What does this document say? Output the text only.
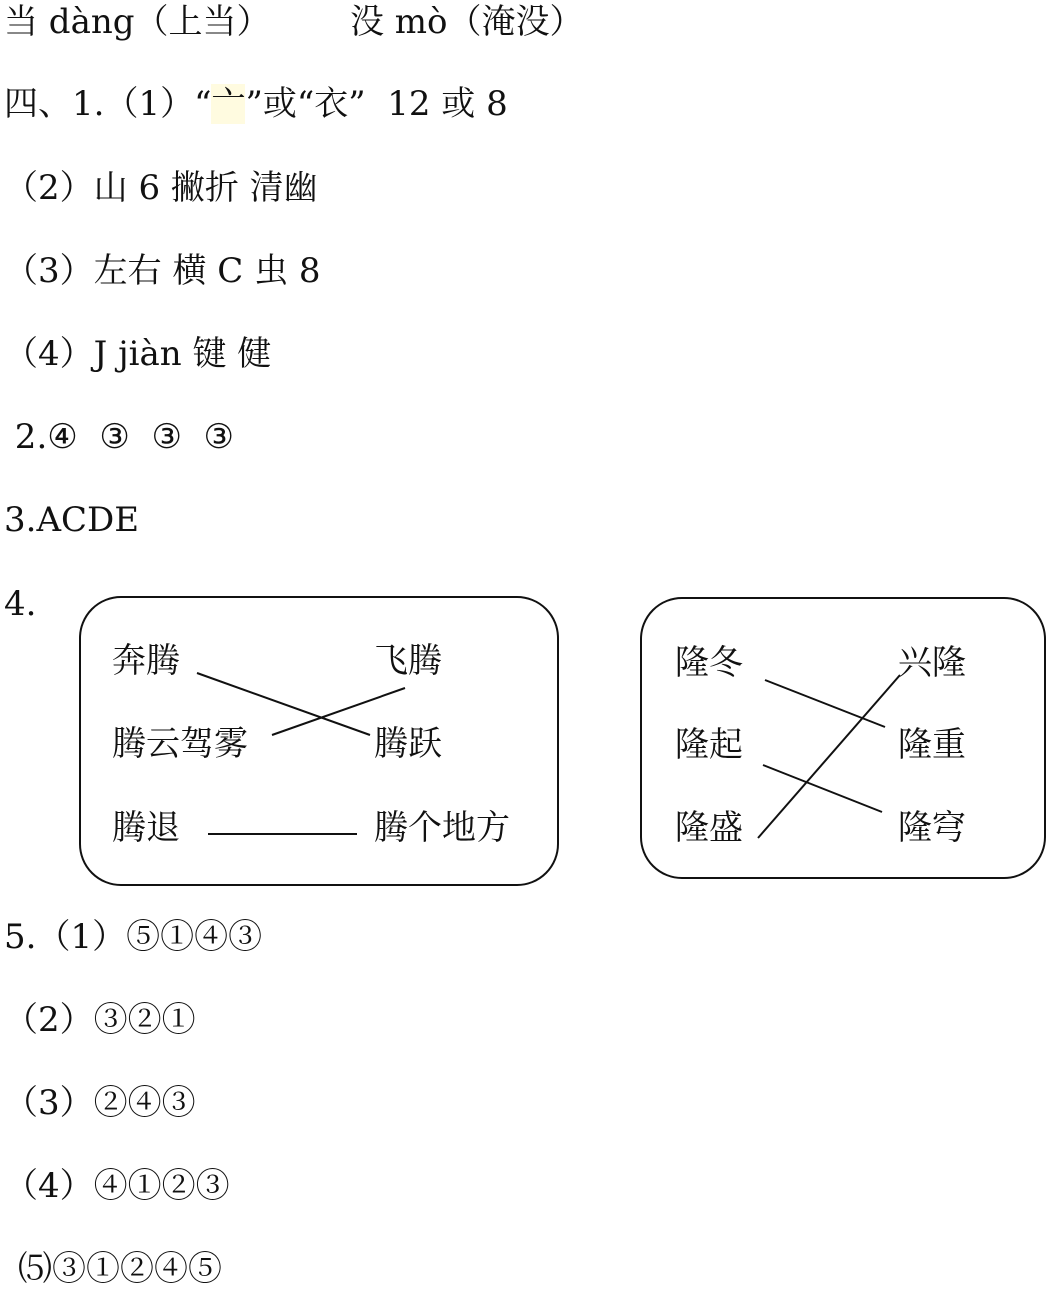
当 dàng（上当） 没 mò（淹没）
四、1.（1）“亠”或“衣”  12 或 8
（2）山 6 撇折 清幽
（3）左右 横 C 虫 8
（4）J jiàn 键 健
2.④  ③  ③  ③
3.ACDE
4.
奔腾
腾云驾雾
腾退
飞腾
腾跃
腾个地方
隆冬
隆起
隆盛
兴隆
隆重
隆穹
5.（1）⑤①④③
（2）③②①
（3）②④③
（4）④①②③
⑸③①②④⑤
